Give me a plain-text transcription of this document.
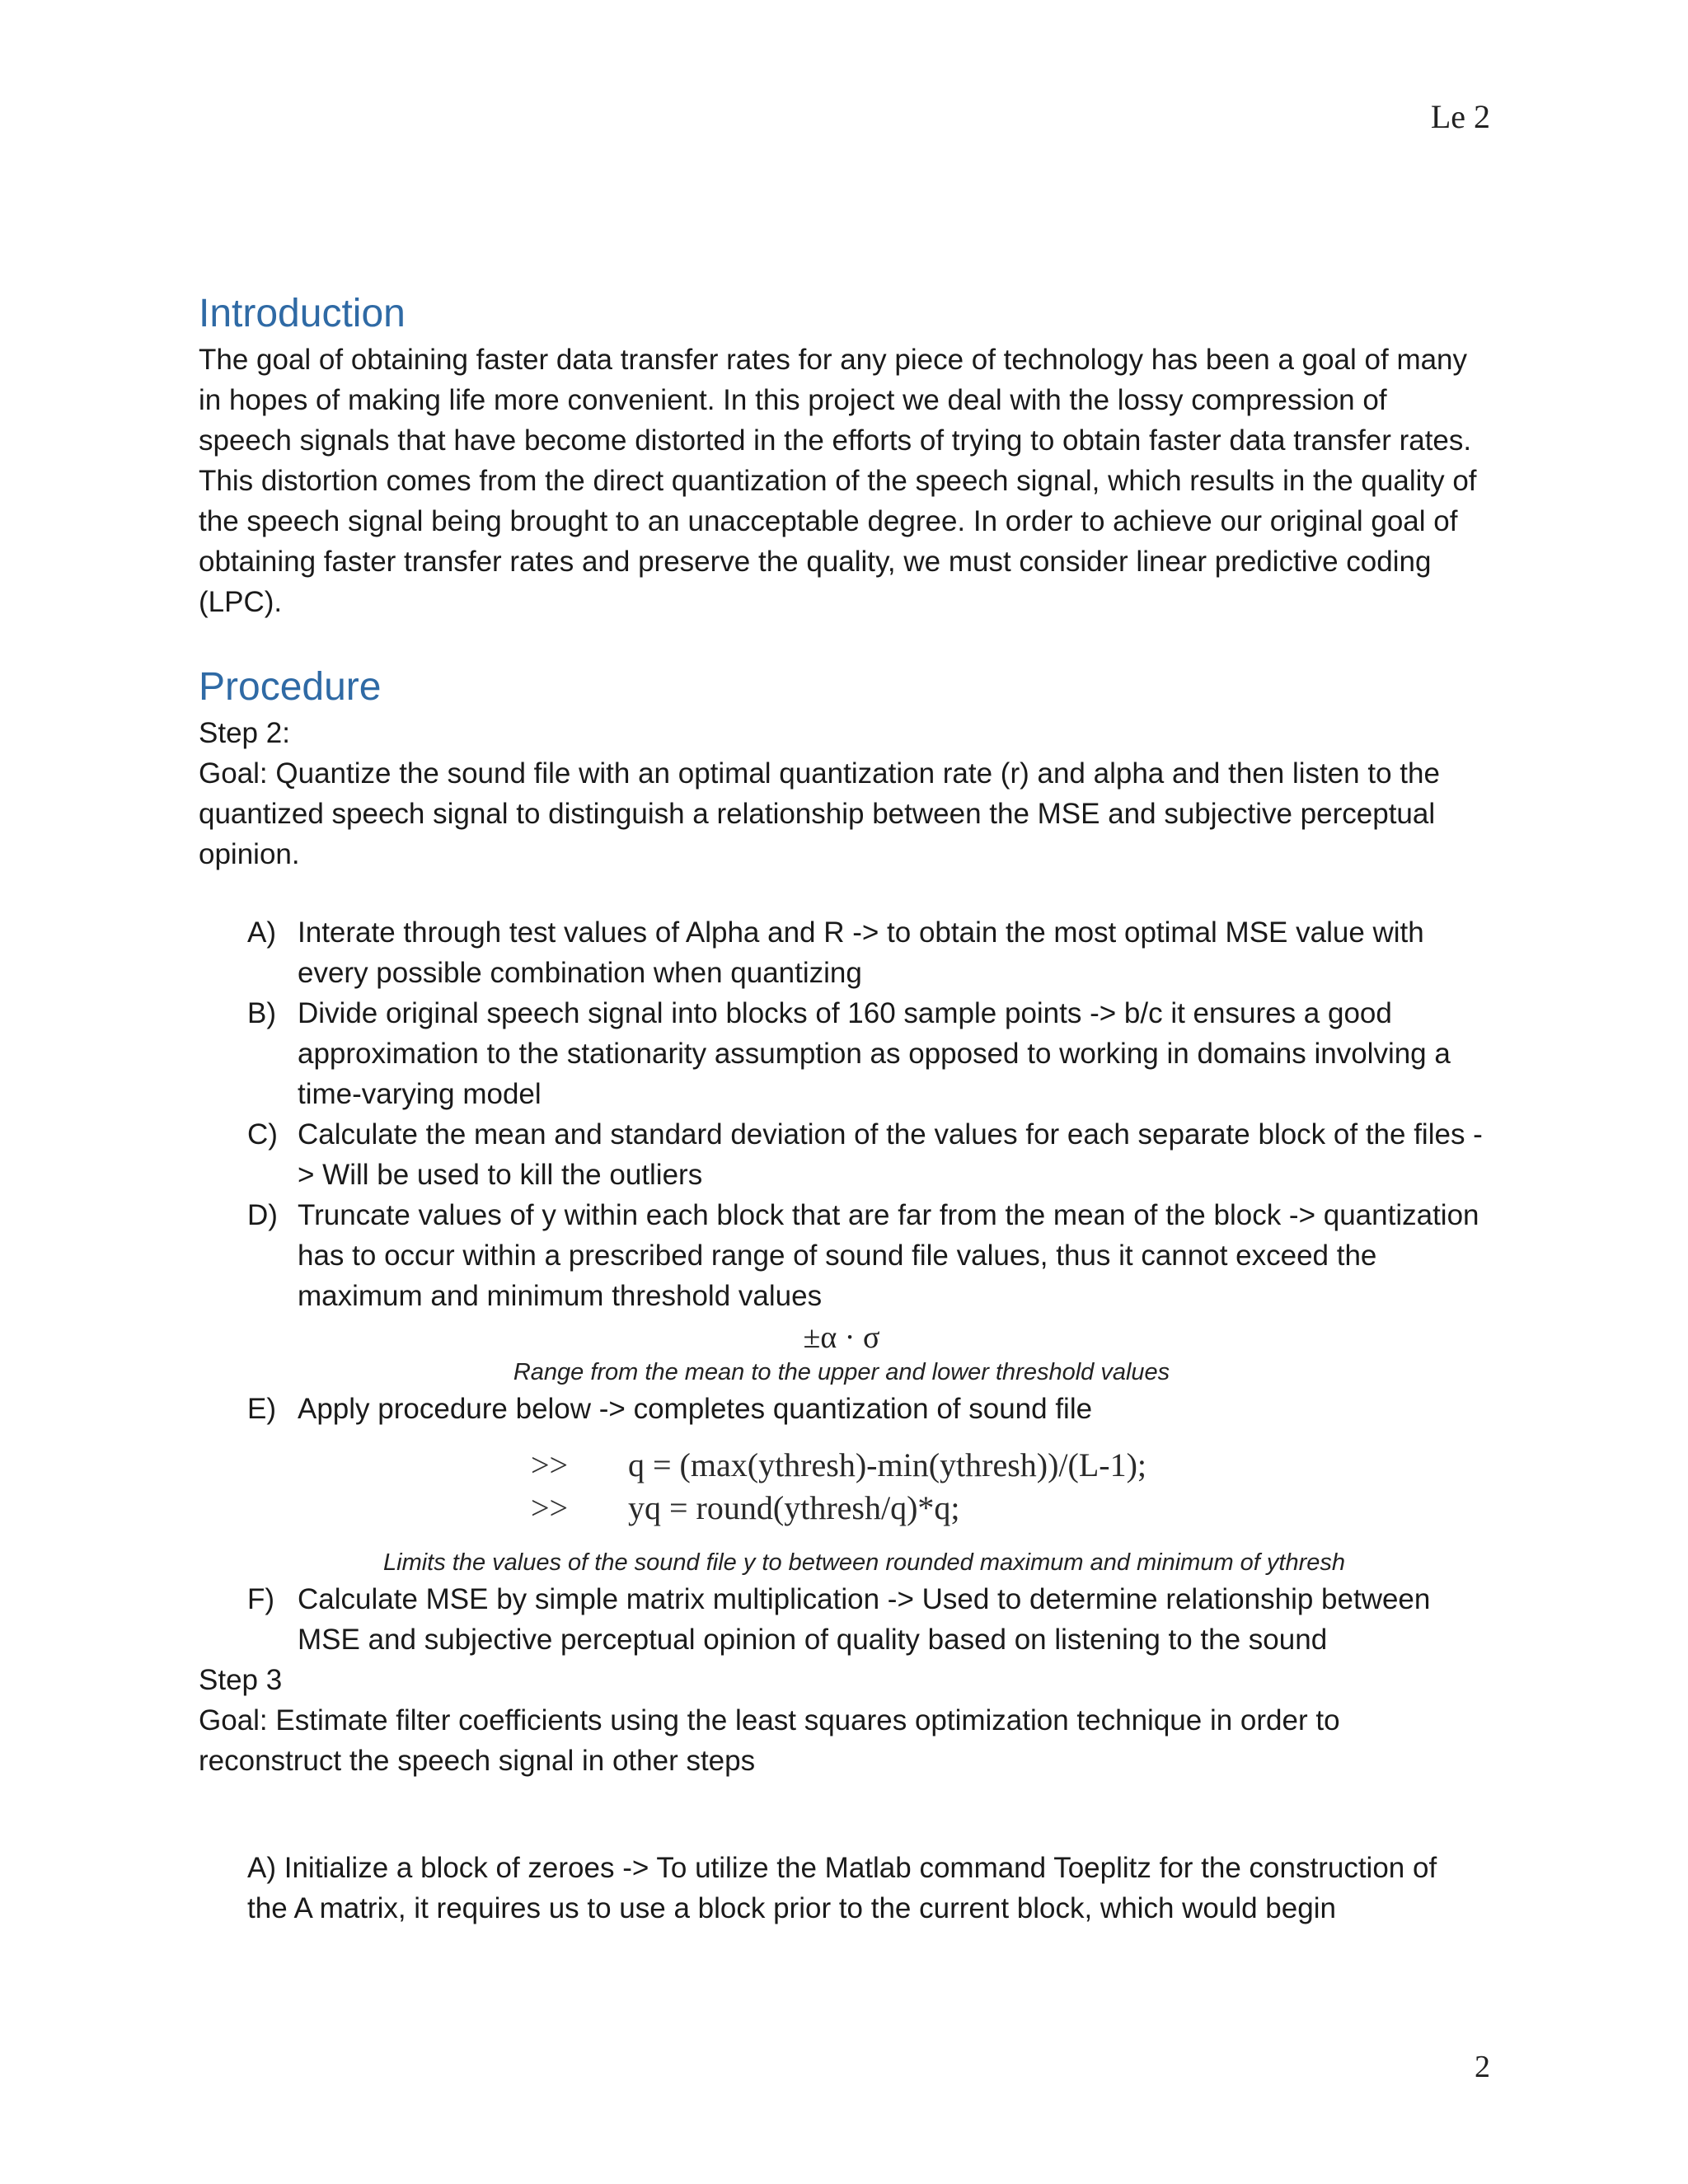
Le 2
Introduction

The goal of obtaining faster data transfer rates for any piece of technology has been a goal of many in hopes of making life more convenient. In this project we deal with the lossy compression of speech signals that have become distorted in the efforts of trying to obtain faster data transfer rates. This distortion comes from the direct quantization of the speech signal, which results in the quality of the speech signal being brought to an unacceptable degree. In order to achieve our original goal of obtaining faster transfer rates and preserve the quality, we must consider linear predictive coding (LPC).

Procedure

Step 2:

Goal: Quantize the sound file with an optimal quantization rate (r) and alpha and then listen to the quantized speech signal to distinguish a relationship between the MSE and subjective perceptual opinion.

A) Interate through test values of Alpha and R -> to obtain the most optimal MSE value with every possible combination when quantizing
B) Divide original speech signal into blocks of 160 sample points -> b/c it ensures a good approximation to the stationarity assumption as opposed to working in domains involving a time-varying model
C) Calculate the mean and standard deviation of the values for each separate block of the files -> Will be used to kill the outliers
D) Truncate values of y within each block that are far from the mean of the block -> quantization has to occur within a prescribed range of sound file values, thus it cannot exceed the maximum and minimum threshold values
±α · σ
Range from the mean to the upper and lower threshold values
E) Apply procedure below -> completes quantization of sound file
>>	q = (max(ythresh)-min(ythresh))/(L-1);
>>	yq = round(ythresh/q)*q;
Limits the values of the sound file y to between rounded maximum and minimum of ythresh
F) Calculate MSE by simple matrix multiplication -> Used to determine relationship between MSE and subjective perceptual opinion of quality based on listening to the sound

Step 3

Goal: Estimate filter coefficients using the least squares optimization technique in order to reconstruct the speech signal in other steps

A) Initialize a block of zeroes -> To utilize the Matlab command Toeplitz for the construction of the A matrix, it requires us to use a block prior to the current block, which would begin

2
